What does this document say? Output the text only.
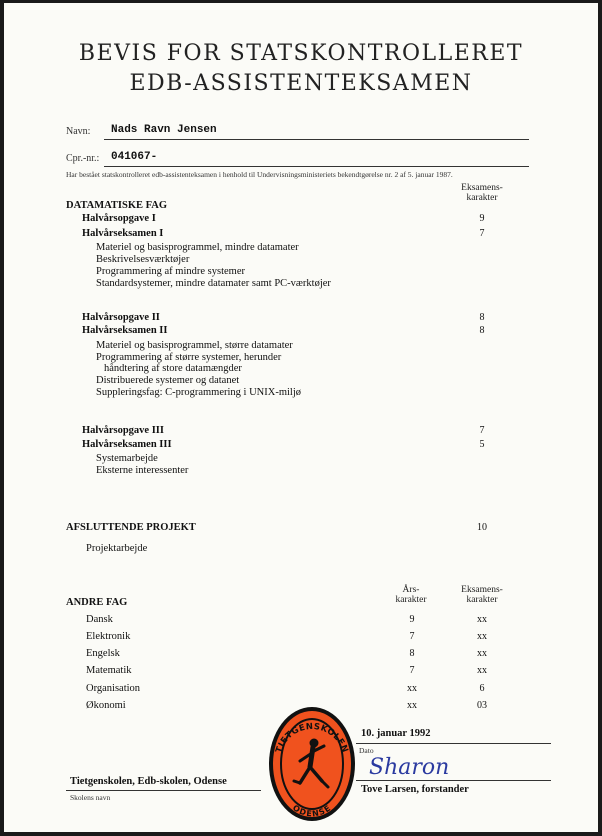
BEVIS FOR STATSKONTROLLERET
EDB-ASSISTENTEKSAMEN
Navn: Nads Ravn Jensen
Cpr.-nr.: 041067-
Har bestået statskontrolleret edb-assistenteksamen i henhold til Undervisningsministeriets bekendtgørelse nr. 2 af 5. januar 1987.
Eksamens-
karakter
DATAMATISKE FAG
Halvårsopgave I	9
Halvårseksamen I	7
Materiel og basisprogrammel, mindre datamater
Beskrivelsesværktøjer
Programmering af mindre systemer
Standardsystemer, mindre datamater samt PC-værktøjer
Halvårsopgave II	8
Halvårseksamen II	8
Materiel og basisprogrammel, større datamater
Programmering af større systemer, herunder
håndtering af store datamængder
Distribuerede systemer og datanet
Suppleringsfag: C-programmering i UNIX-miljø
Halvårsopgave III	7
Halvårseksamen III	5
Systemarbejde
Eksterne interessenter
AFSLUTTENDE PROJEKT	10
Projektarbejde
Års-
karakter
Eksamens-
karakter
ANDRE FAG
Dansk	9	xx
Elektronik	7	xx
Engelsk	8	xx
Matematik	7	xx
Organisation	xx	6
Økonomi	xx	03
10. januar 1992
Dato
Tietgenskolen, Edb-skolen, Odense
Skolens navn
Sharon
Tove Larsen, forstander
TIETGENSKOLEN
ODENSE
